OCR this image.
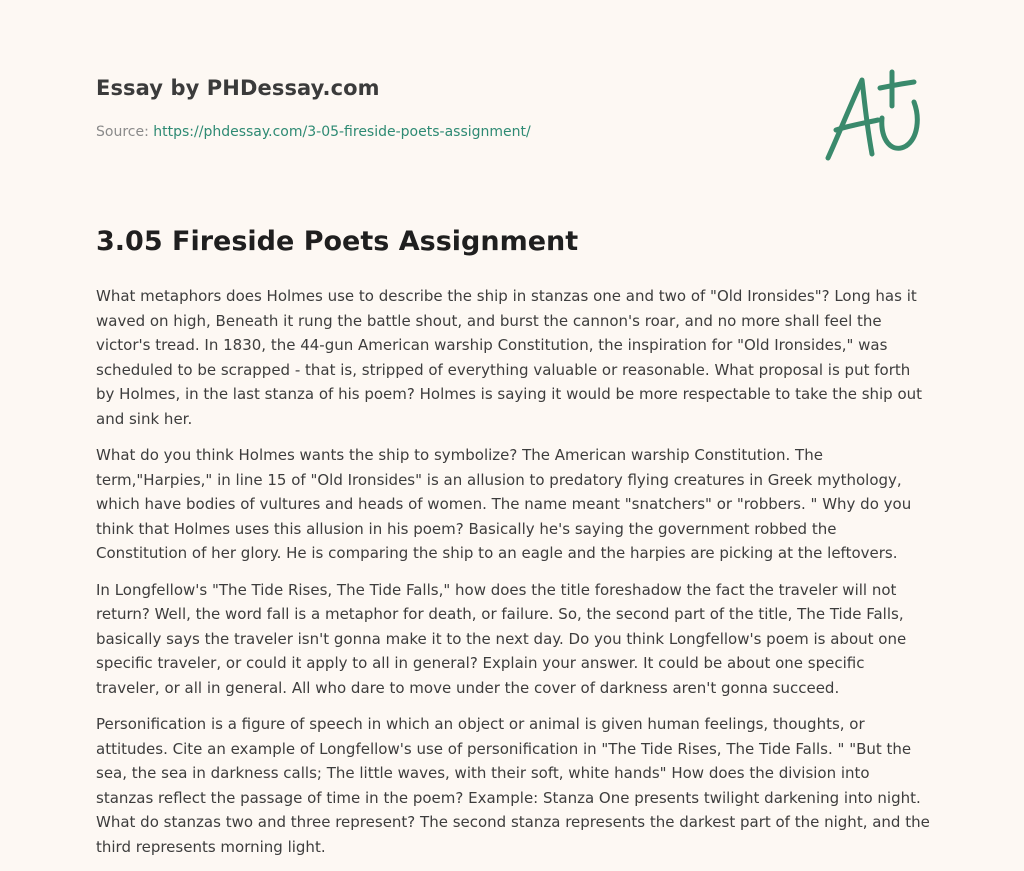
Essay by PHDessay.com
Source: https://phdessay.com/3-05-fireside-poets-assignment/
3.05 Fireside Poets Assignment

What metaphors does Holmes use to describe the ship in stanzas one and two of "Old Ironsides"? Long has it waved on high, Beneath it rung the battle shout, and burst the cannon's roar, and no more shall feel the victor's tread. In 1830, the 44-gun American warship Constitution, the inspiration for "Old Ironsides," was scheduled to be scrapped - that is, stripped of everything valuable or reasonable. What proposal is put forth by Holmes, in the last stanza of his poem? Holmes is saying it would be more respectable to take the ship out and sink her.

What do you think Holmes wants the ship to symbolize? The American warship Constitution. The term,"Harpies," in line 15 of "Old Ironsides" is an allusion to predatory flying creatures in Greek mythology, which have bodies of vultures and heads of women. The name meant "snatchers" or "robbers. " Why do you think that Holmes uses this allusion in his poem? Basically he's saying the government robbed the Constitution of her glory. He is comparing the ship to an eagle and the harpies are picking at the leftovers.

In Longfellow's "The Tide Rises, The Tide Falls," how does the title foreshadow the fact the traveler will not return? Well, the word fall is a metaphor for death, or failure. So, the second part of the title, The Tide Falls, basically says the traveler isn't gonna make it to the next day. Do you think Longfellow's poem is about one specific traveler, or could it apply to all in general? Explain your answer. It could be about one specific traveler, or all in general. All who dare to move under the cover of darkness aren't gonna succeed.

Personification is a figure of speech in which an object or animal is given human feelings, thoughts, or attitudes. Cite an example of Longfellow's use of personification in "The Tide Rises, The Tide Falls. " "But the sea, the sea in darkness calls; The little waves, with their soft, white hands" How does the division into stanzas reflect the passage of time in the poem? Example: Stanza One presents twilight darkening into night. What do stanzas two and three represent? The second stanza represents the darkest part of the night, and the third represents morning light.
